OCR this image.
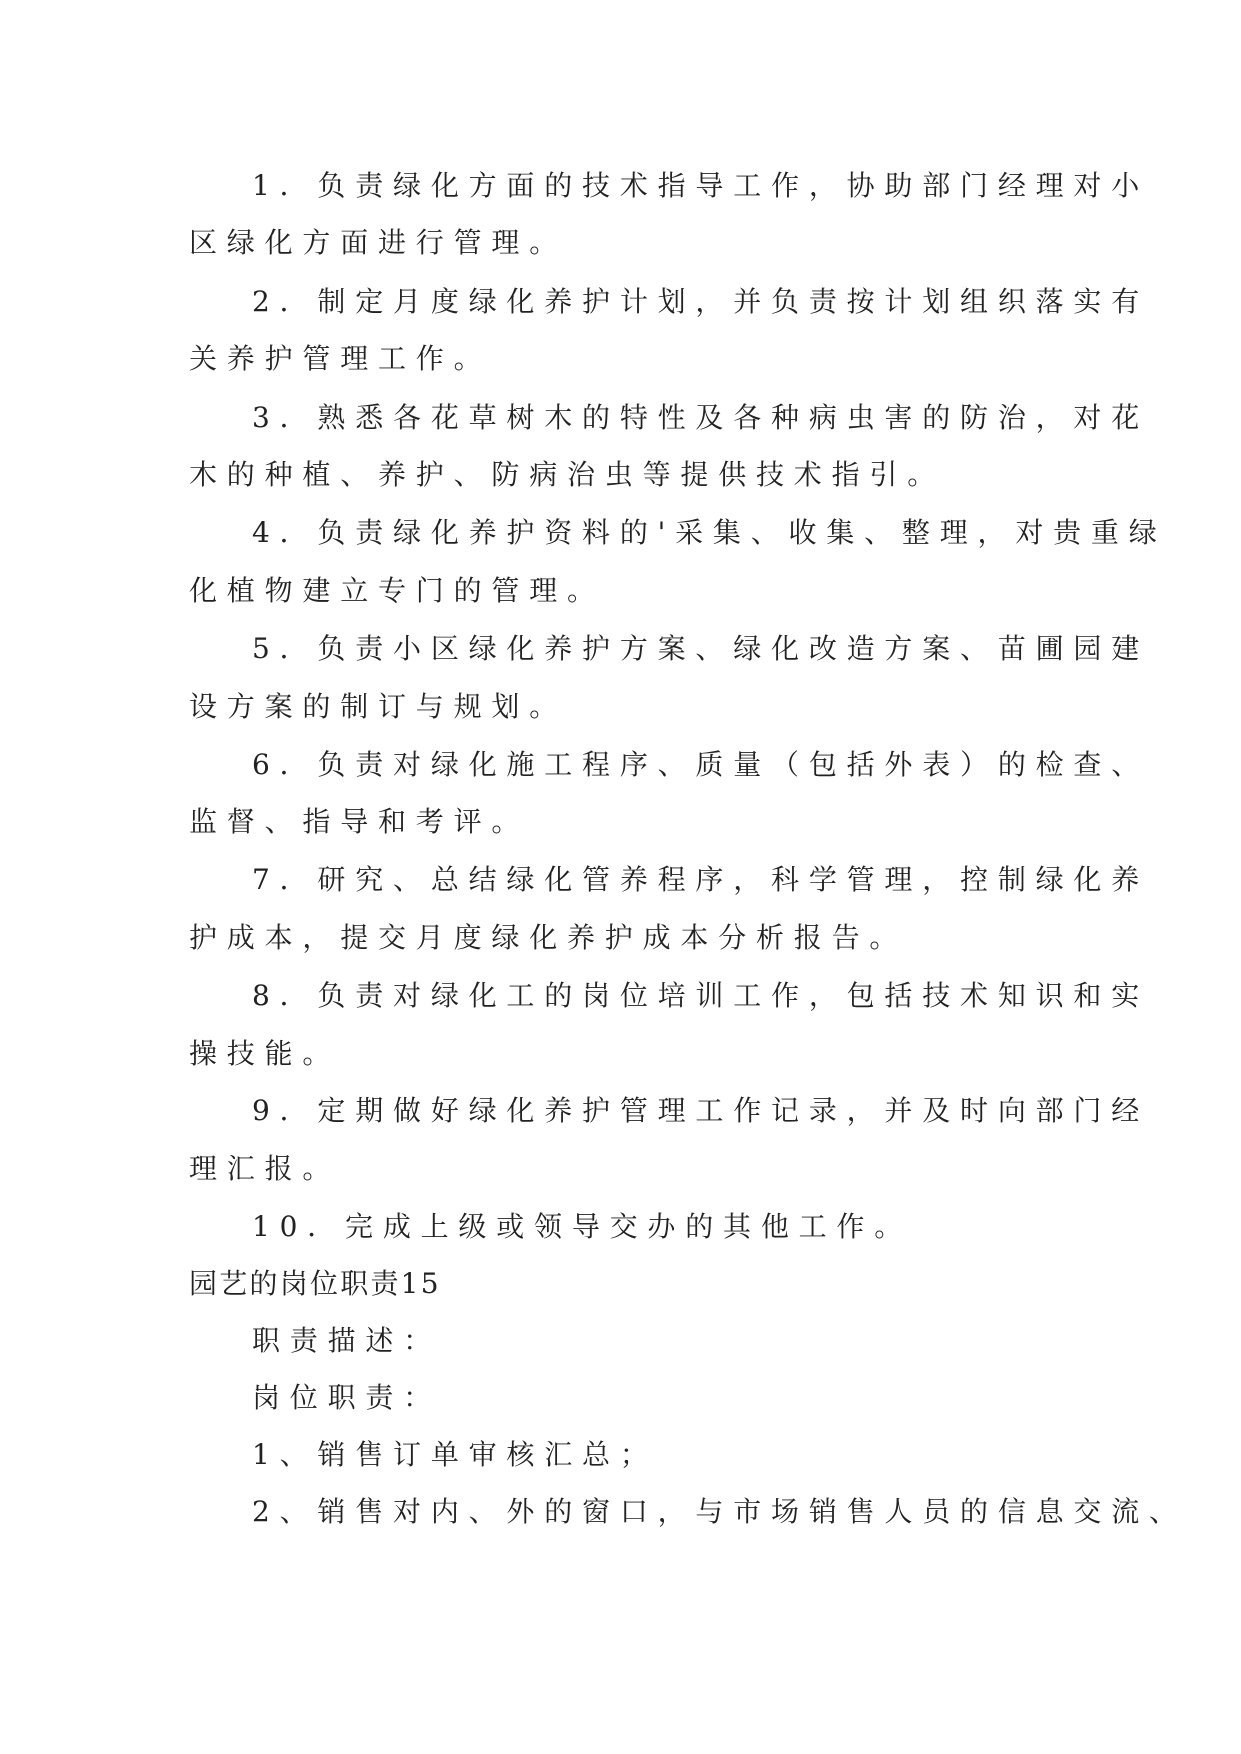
1．负责绿化方面的技术指导工作，协助部门经理对小
区绿化方面进行管理。
2．制定月度绿化养护计划，并负责按计划组织落实有
关养护管理工作。
3．熟悉各花草树木的特性及各种病虫害的防治，对花
木的种植、养护、防病治虫等提供技术指引。
4．负责绿化养护资料的'采集、收集、整理，对贵重绿
化植物建立专门的管理。
5．负责小区绿化养护方案、绿化改造方案、苗圃园建
设方案的制订与规划。
6．负责对绿化施工程序、质量（包括外表）的检查、
监督、指导和考评。
7．研究、总结绿化管养程序，科学管理，控制绿化养
护成本，提交月度绿化养护成本分析报告。
8．负责对绿化工的岗位培训工作，包括技术知识和实
操技能。
9．定期做好绿化养护管理工作记录，并及时向部门经
理汇报。
10．完成上级或领导交办的其他工作。
园艺的岗位职责15
职责描述：
岗位职责：
1、销售订单审核汇总；
2、销售对内、外的窗口，与市场销售人员的信息交流、
